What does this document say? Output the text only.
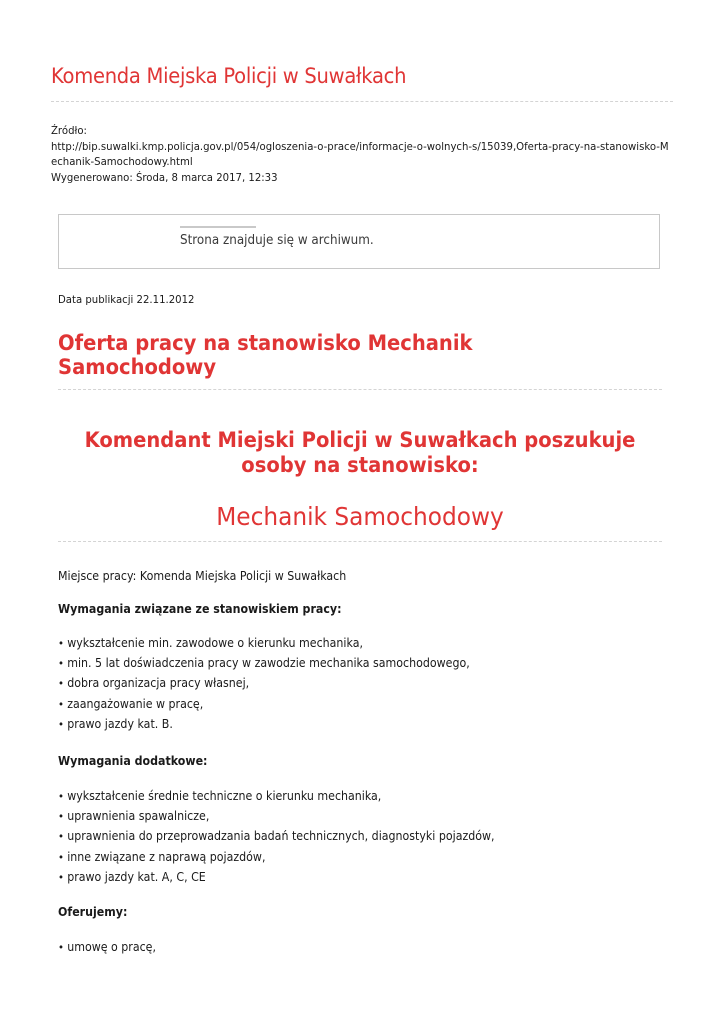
Komenda Miejska Policji w Suwałkach
Źródło:
http://bip.suwalki.kmp.policja.gov.pl/054/ogloszenia-o-prace/informacje-o-wolnych-s/15039,Oferta-pracy-na-stanowisko-Mechanik-Samochodowy.html
Wygenerowano: Środa, 8 marca 2017, 12:33
Strona znajduje się w archiwum.
Data publikacji 22.11.2012
Oferta pracy na stanowisko Mechanik Samochodowy
Komendant Miejski Policji w Suwałkach poszukuje osoby na stanowisko:
Mechanik Samochodowy
Miejsce pracy: Komenda Miejska Policji w Suwałkach
Wymagania związane ze stanowiskiem pracy:
• wykształcenie min. zawodowe o kierunku mechanika,
• min. 5 lat doświadczenia pracy w zawodzie mechanika samochodowego,
• dobra organizacja pracy własnej,
• zaangażowanie w pracę,
• prawo jazdy kat. B.
Wymagania dodatkowe:
• wykształcenie średnie techniczne o kierunku mechanika,
• uprawnienia spawalnicze,
• uprawnienia do przeprowadzania badań technicznych, diagnostyki pojazdów,
• inne związane z naprawą pojazdów,
• prawo jazdy kat. A, C, CE
Oferujemy:
• umowę o pracę,
